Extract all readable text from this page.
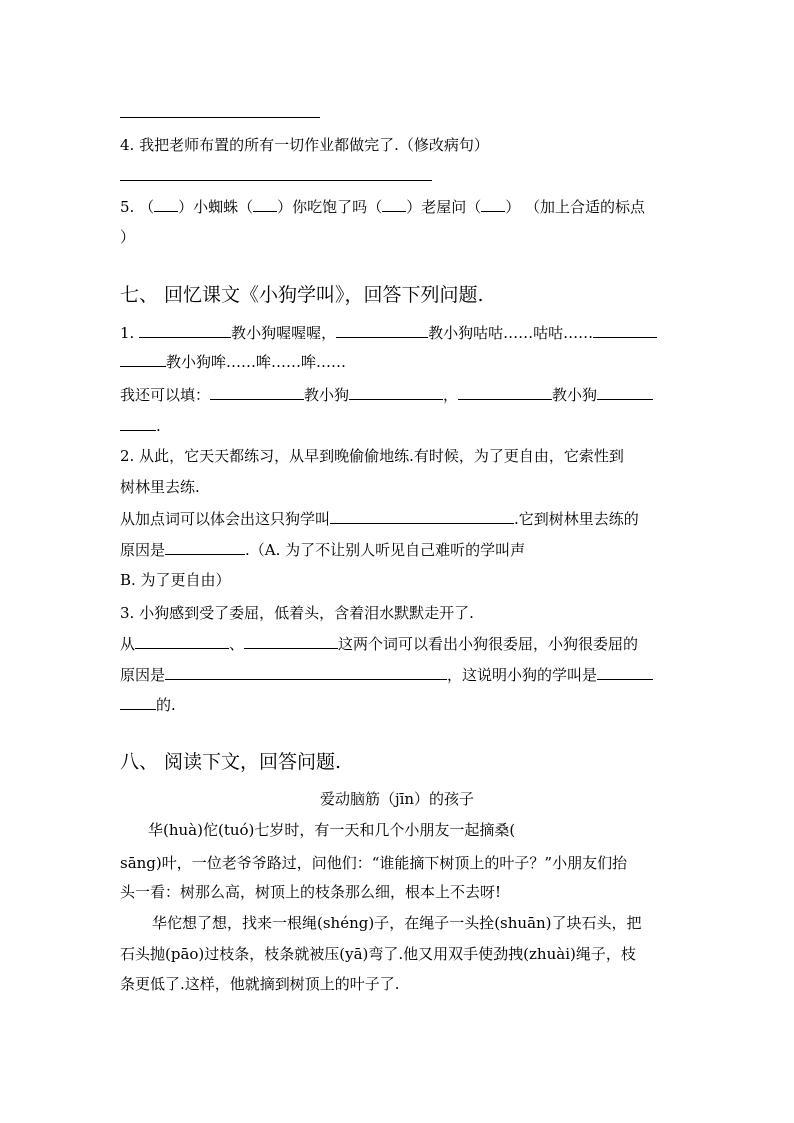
4. 我把老师布置的所有一切作业都做完了.（修改病句）
5. （ ）小蜘蛛（ ）你吃饱了吗（ ）老屋问（ ） （加上合适的标点
）
七、 回忆课文《小狗学叫》，回答下列问题.
1.	教小狗喔喔喔，	教小狗咕咕……咕咕……
教小狗哞……哞……哞……
我还可以填：	教小狗	，	教小狗
.
2. 从此，它天天都练习，从早到晚偷偷地练.有时候，为了更自由，它索性到
树林里去练.
从加点词可以体会出这只狗学叫	.它到树林里去练的
原因是	.（A. 为了不让别人听见自己难听的学叫声
B. 为了更自由）
3. 小狗感到受了委屈，低着头，含着泪水默默走开了.
从	、	这两个词可以看出小狗很委屈，小狗很委屈的
原因是	，这说明小狗的学叫是
的.
八、 阅读下文，回答问题.
爱动脑筋（jīn）的孩子
华(huà)佗(tuó)七岁时，有一天和几个小朋友一起摘桑(
sāng)叶，一位老爷爷路过，问他们：“谁能摘下树顶上的叶子？”小朋友们抬
头一看：树那么高，树顶上的枝条那么细，根本上不去呀!
华佗想了想，找来一根绳(shéng)子，在绳子一头拴(shuān)了块石头，把
石头抛(pāo)过枝条，枝条就被压(yā)弯了.他又用双手使劲拽(zhuài)绳子，枝
条更低了.这样，他就摘到树顶上的叶子了.
